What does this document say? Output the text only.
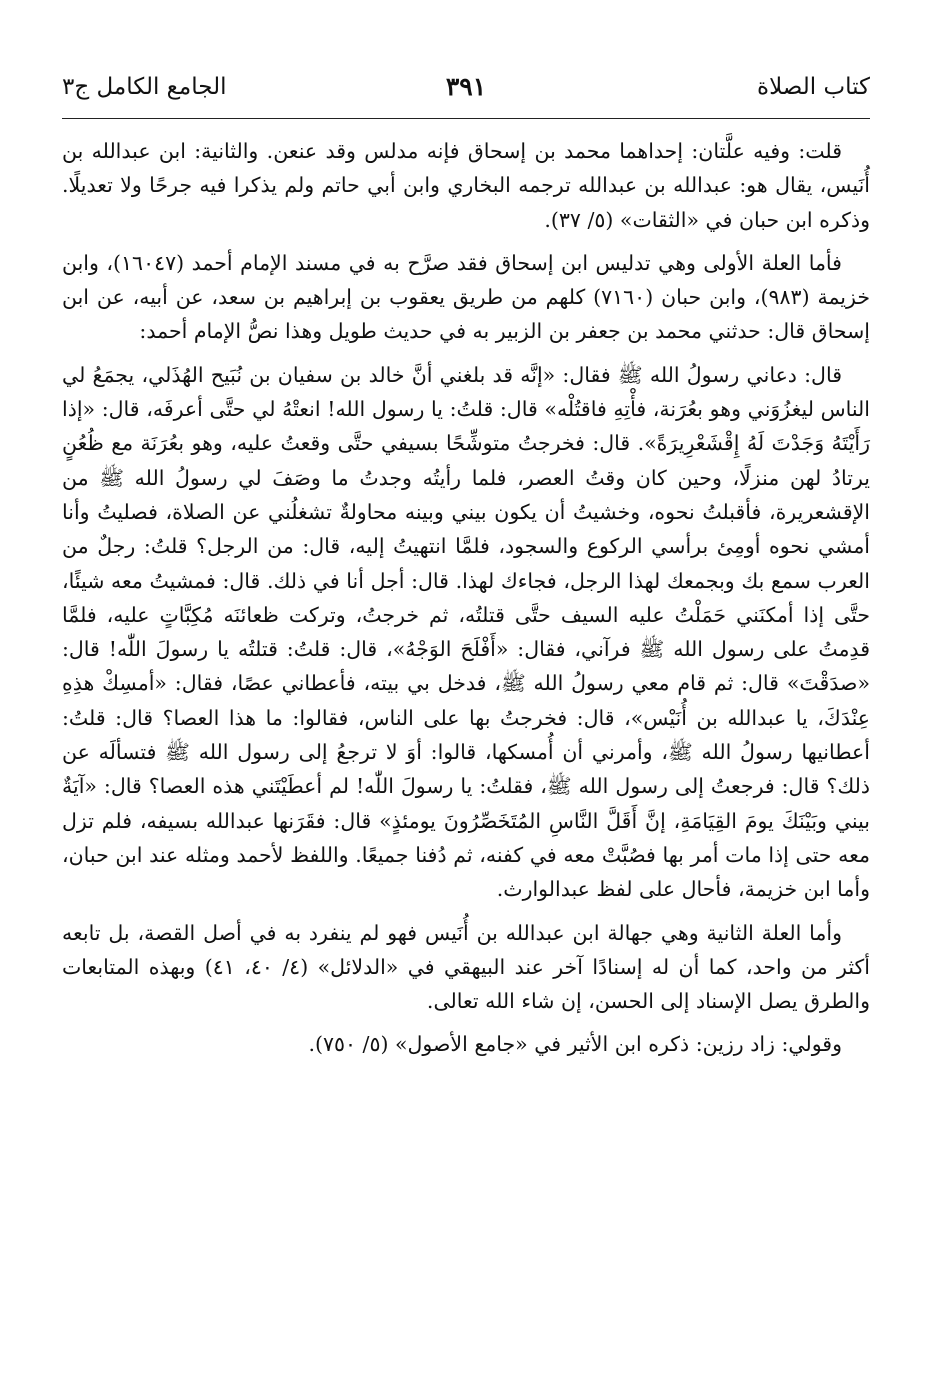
كتاب الصلاة
٣٩١
الجامع الكامل ج٣

قلت: وفيه علَّتان: إحداهما محمد بن إسحاق فإنه مدلس وقد عنعن. والثانية: ابن عبدالله بن أُنَيس، يقال هو: عبدالله بن عبدالله ترجمه البخاري وابن أبي حاتم ولم يذكرا فيه جرحًا ولا تعديلًا. وذكره ابن حبان في «الثقات» (٥/ ٣٧).

فأما العلة الأولى وهي تدليس ابن إسحاق فقد صرَّح به في مسند الإمام أحمد (١٦٠٤٧)، وابن خزيمة (٩٨٣)، وابن حبان (٧١٦٠) كلهم من طريق يعقوب بن إبراهيم بن سعد، عن أبيه، عن ابن إسحاق قال: حدثني محمد بن جعفر بن الزبير به في حديث طويل وهذا نصُّ الإمام أحمد:

قال: دعاني رسولُ الله ﷺ فقال: «إنَّه قد بلغني أنَّ خالد بن سفيان بن نُبَيح الهُذَلي، يجمَعُ لي الناس ليغزُوَني وهو بعُرَنة، فأْتِهِ فاقتُلْه» قال: قلتُ: يا رسول الله! انعتْهُ لي حتَّى أعرفَه، قال: «إذا رَأَيْتَهُ وَجَدْتَ لَهُ إِقْشَعْرِيرَةً». قال: فخرجتُ متوشِّحًا بسيفي حتَّى وقعتُ عليه، وهو بعُرَنَة مع ظُعُنٍ يرتادُ لهن منزلًا، وحين كان وقتُ العصر، فلما رأيتُه وجدتُ ما وصَفَ لي رسولُ الله ﷺ من الإقشعريرة، فأقبلتُ نحوه، وخشيتُ أن يكون بيني وبينه محاولةٌ تشغلُني عن الصلاة، فصليتُ وأنا أمشي نحوه أومِئ برأسي الركوع والسجود، فلمَّا انتهيتُ إليه، قال: من الرجل؟ قلتُ: رجلٌ من العرب سمع بك وبجمعك لهذا الرجل، فجاءك لهذا. قال: أجل أنا في ذلك. قال: فمشيتُ معه شيئًا، حتَّى إذا أمكنَني حَمَلْتُ عليه السيف حتَّى قتلتُه، ثم خرجتُ، وتركت ظعائنَه مُكِبَّاتٍ عليه، فلمَّا قدِمتُ على رسول الله ﷺ فرآني، فقال: «أَفْلَحَ الوَجْهُ»، قال: قلتُ: قتلتُه يا رسولَ اللّٰه! قال: «صدَقْتَ» قال: ثم قام معي رسولُ الله ﷺ، فدخل بي بيته، فأعطاني عصًا، فقال: «أمسِكْ هذِهِ عِنْدَكَ، يا عبدالله بن أُنَيْس»، قال: فخرجتُ بها على الناس، فقالوا: ما هذا العصا؟ قال: قلتُ: أعطانيها رسولُ الله ﷺ، وأمرني أن أُمسكها، قالوا: أوَ لا ترجعُ إلى رسول الله ﷺ فتسألَه عن ذلك؟ قال: فرجعتُ إلى رسول الله ﷺ، فقلتُ: يا رسولَ اللّٰه! لم أعطَيْتَني هذه العصا؟ قال: «آيَةٌ بيني وبَيْنَكَ يومَ القِيَامَةِ، إنَّ أَقَلَّ النَّاسِ المُتَخَصِّرُونَ يومئذٍ» قال: فقَرَنها عبدالله بسيفه، فلم تزل معه حتى إذا مات أمر بها فصُبَّتْ معه في كفنه، ثم دُفنا جميعًا. واللفظ لأحمد ومثله عند ابن حبان، وأما ابن خزيمة، فأحال على لفظ عبدالوارث.

وأما العلة الثانية وهي جهالة ابن عبدالله بن أُنَيس فهو لم ينفرد به في أصل القصة، بل تابعه أكثر من واحد، كما أن له إسنادًا آخر عند البيهقي في «الدلائل» (٤/ ٤٠، ٤١) وبهذه المتابعات والطرق يصل الإسناد إلى الحسن، إن شاء الله تعالى.

وقولي: زاد رزين: ذكره ابن الأثير في «جامع الأصول» (٥/ ٧٥٠).
